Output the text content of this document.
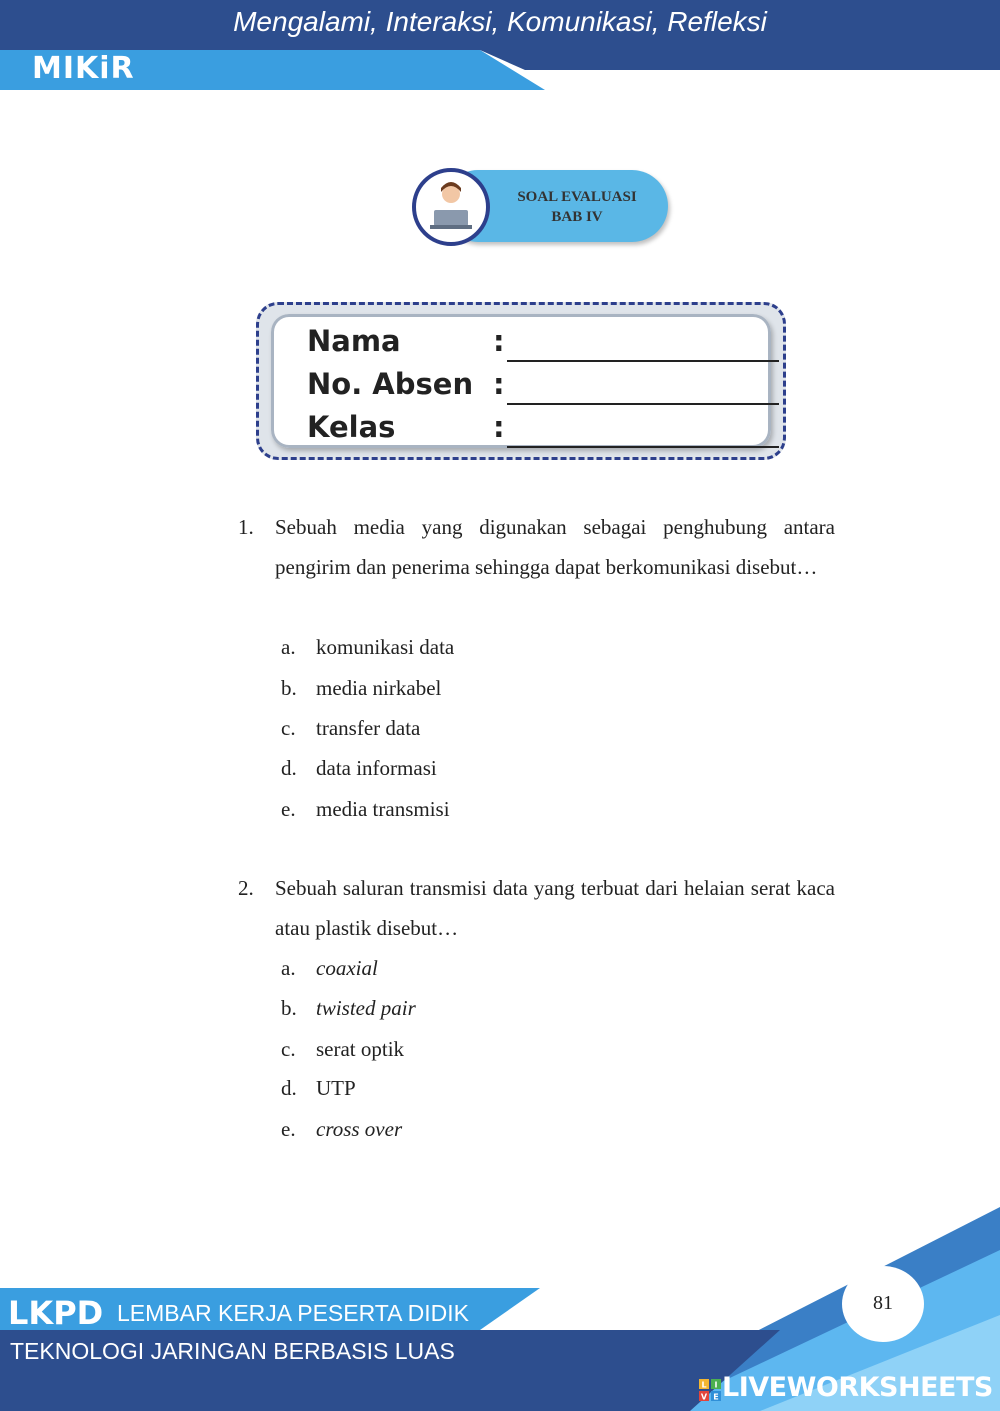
Mengalami, Interaksi, Komunikasi, Refleksi
MIKiR
SOAL EVALUASI
BAB IV
Nama	:
No. Absen :
Kelas	:
1. Sebuah media yang digunakan sebagai penghubung antara pengirim dan penerima sehingga dapat berkomunikasi disebut…
a. komunikasi data
b. media nirkabel
c. transfer data
d. data informasi
e. media transmisi
2. Sebuah saluran transmisi data yang terbuat dari helaian serat kaca atau plastik disebut…
a. coaxial
b. twisted pair
c. serat optik
d. UTP
e. cross over
LKPD LEMBAR KERJA PESERTA DIDIK
TEKNOLOGI JARINGAN BERBASIS LUAS
81
L I
V E LIVEWORKSHEETS
